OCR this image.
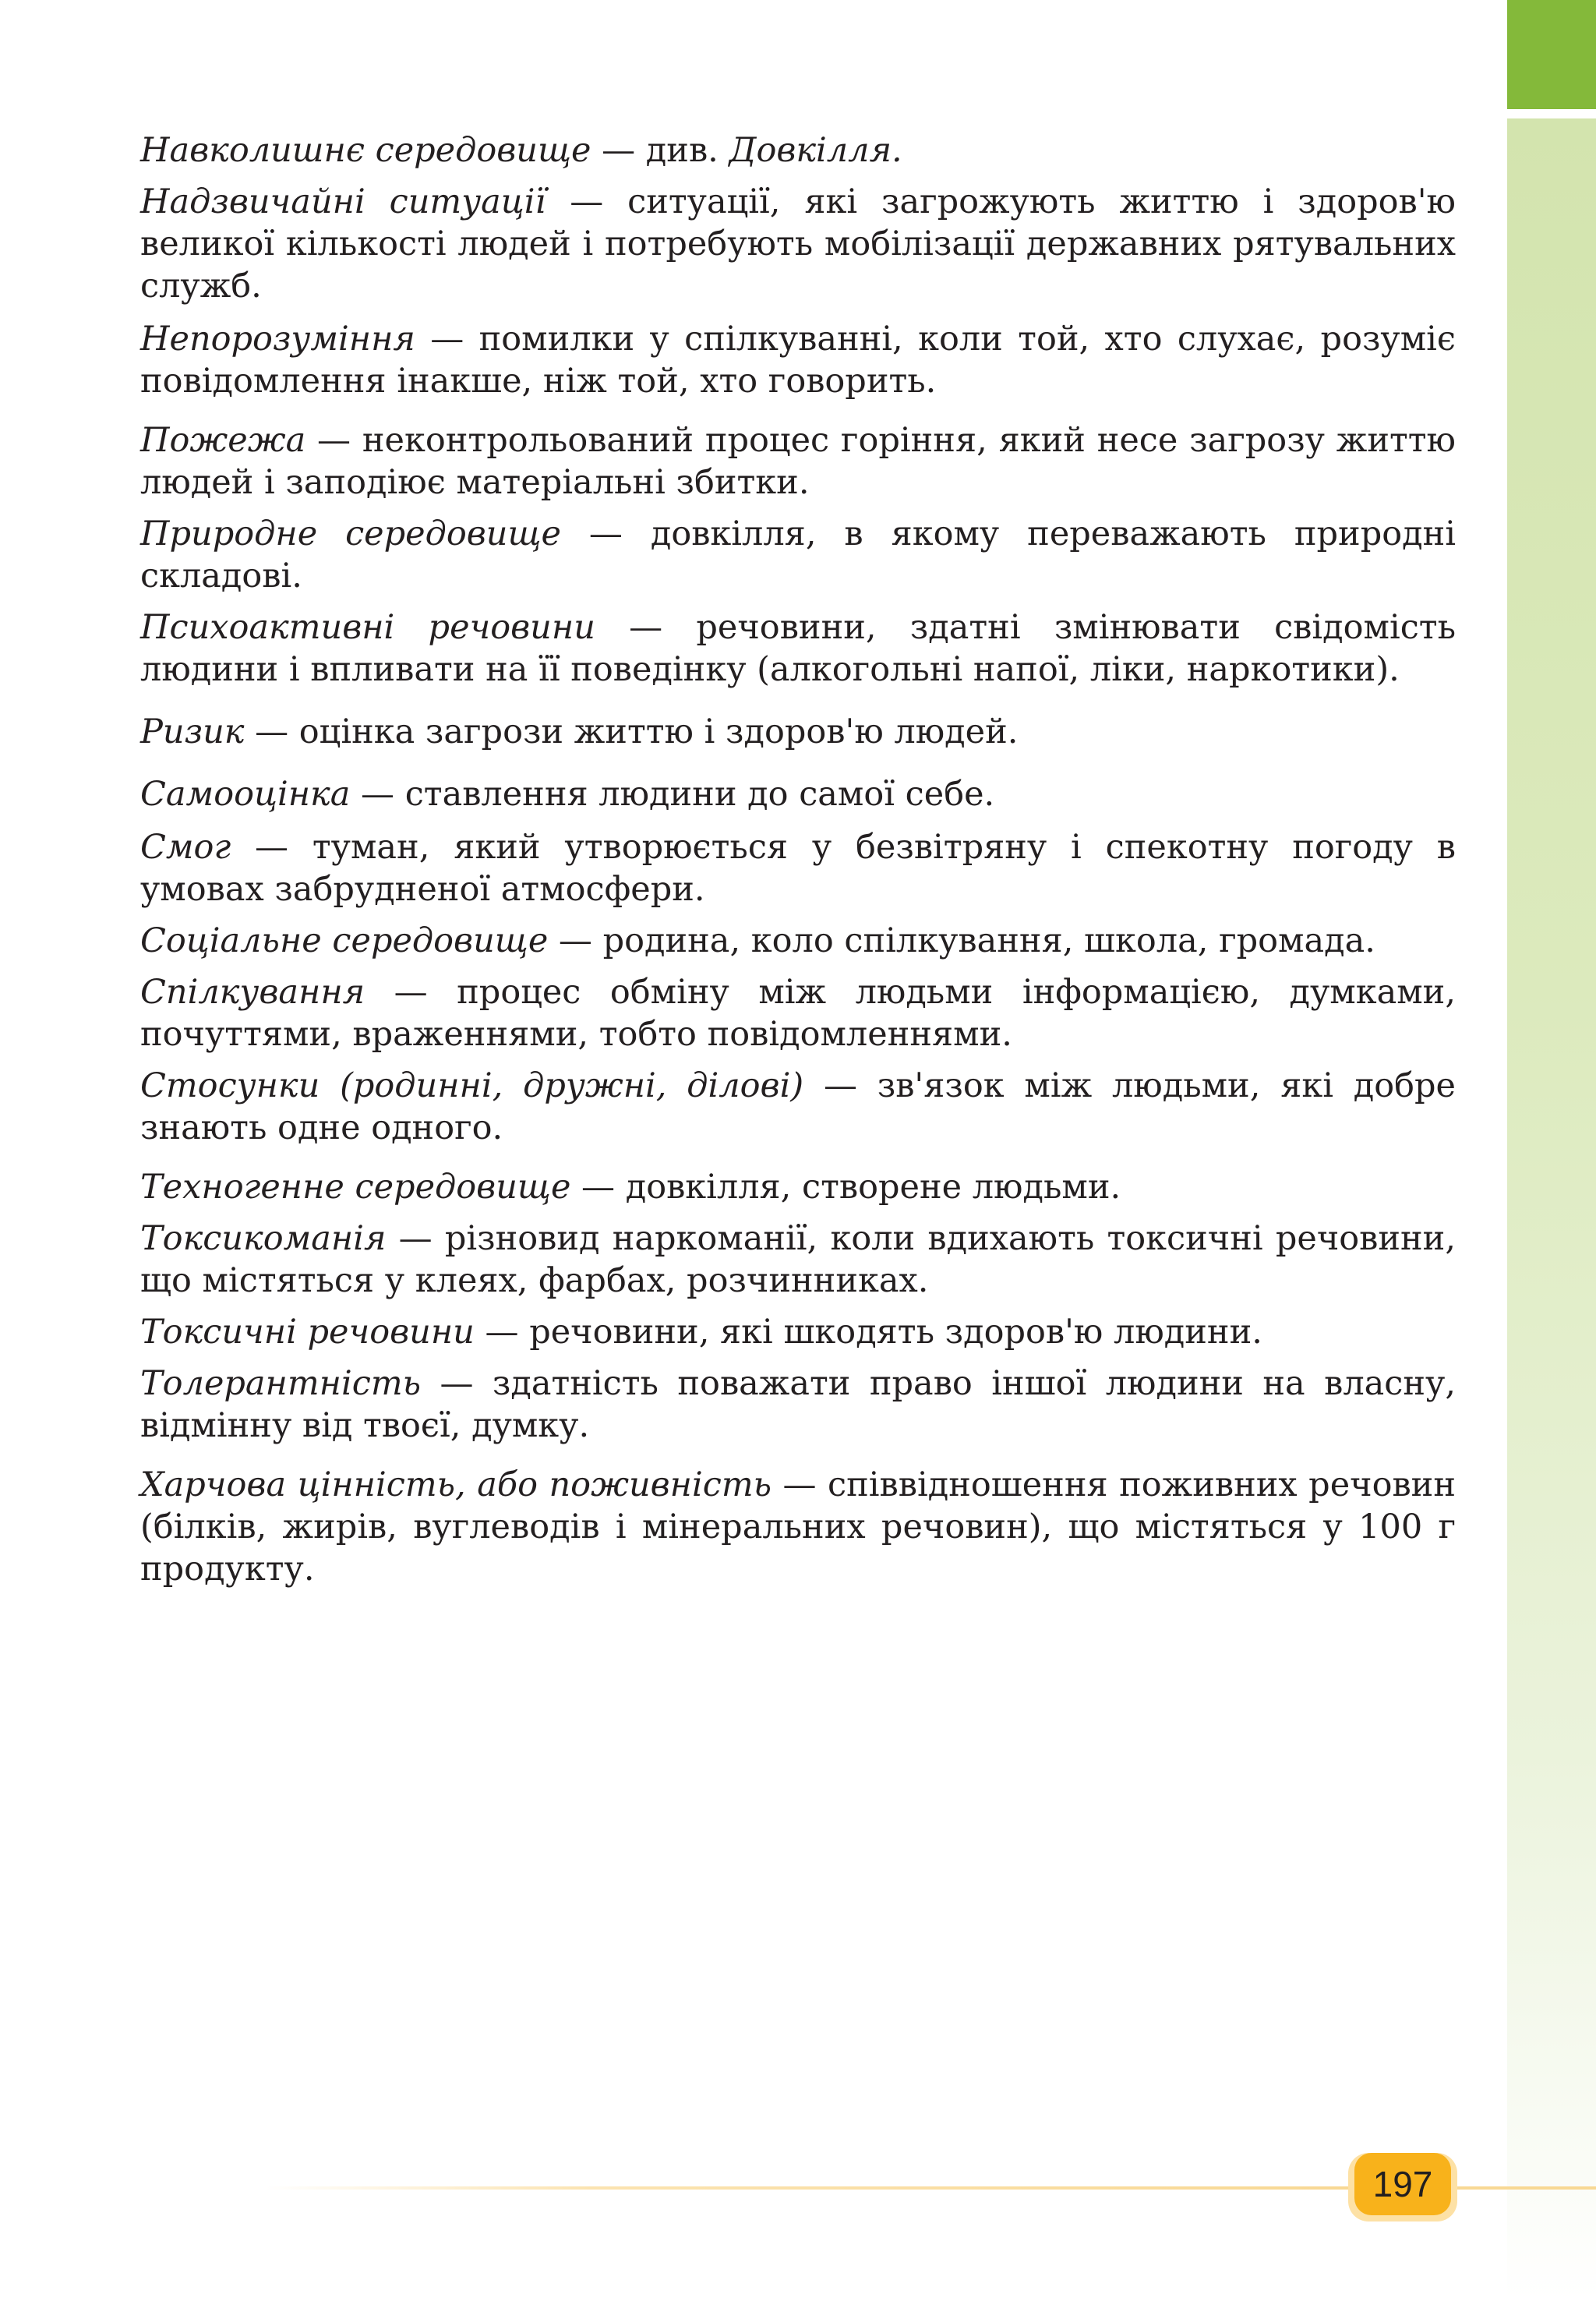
Навколишнє середовище — див. Довкілля.

Надзвичайні ситуації — ситуації, які загрожують життю і здоров'ю великої кількості людей і потребують мобілізації державних рятувальних служб.

Непорозуміння — помилки у спілкуванні, коли той, хто слухає, розуміє повідомлення інакше, ніж той, хто говорить.

Пожежа — неконтрольований процес горіння, який несе загрозу життю людей і заподіює матеріальні збитки.

Природне середовище — довкілля, в якому переважають природні складові.

Психоактивні речовини — речовини, здатні змінювати свідомість людини і впливати на її поведінку (алкогольні напої, ліки, наркотики).

Ризик — оцінка загрози життю і здоров'ю людей.

Самооцінка — ставлення людини до самої себе.

Смог — туман, який утворюється у безвітряну і спекотну погоду в умовах забрудненої атмосфери.

Соціальне середовище — родина, коло спілкування, школа, громада.

Спілкування — процес обміну між людьми інформацією, думками, почуттями, враженнями, тобто повідомленнями.

Стосунки (родинні, дружні, ділові) — зв'язок між людьми, які добре знають одне одного.

Техногенне середовище — довкілля, створене людьми.

Токсикоманія — різновид наркоманії, коли вдихають токсичні речовини, що містяться у клеях, фарбах, розчинниках.

Токсичні речовини — речовини, які шкодять здоров'ю людини.

Толерантність — здатність поважати право іншої людини на власну, відмінну від твоєї, думку.

Харчова цінність, або поживність — співвідношення поживних речовин (білків, жирів, вуглеводів і мінеральних речовин), що містяться у 100 г продукту.

197
